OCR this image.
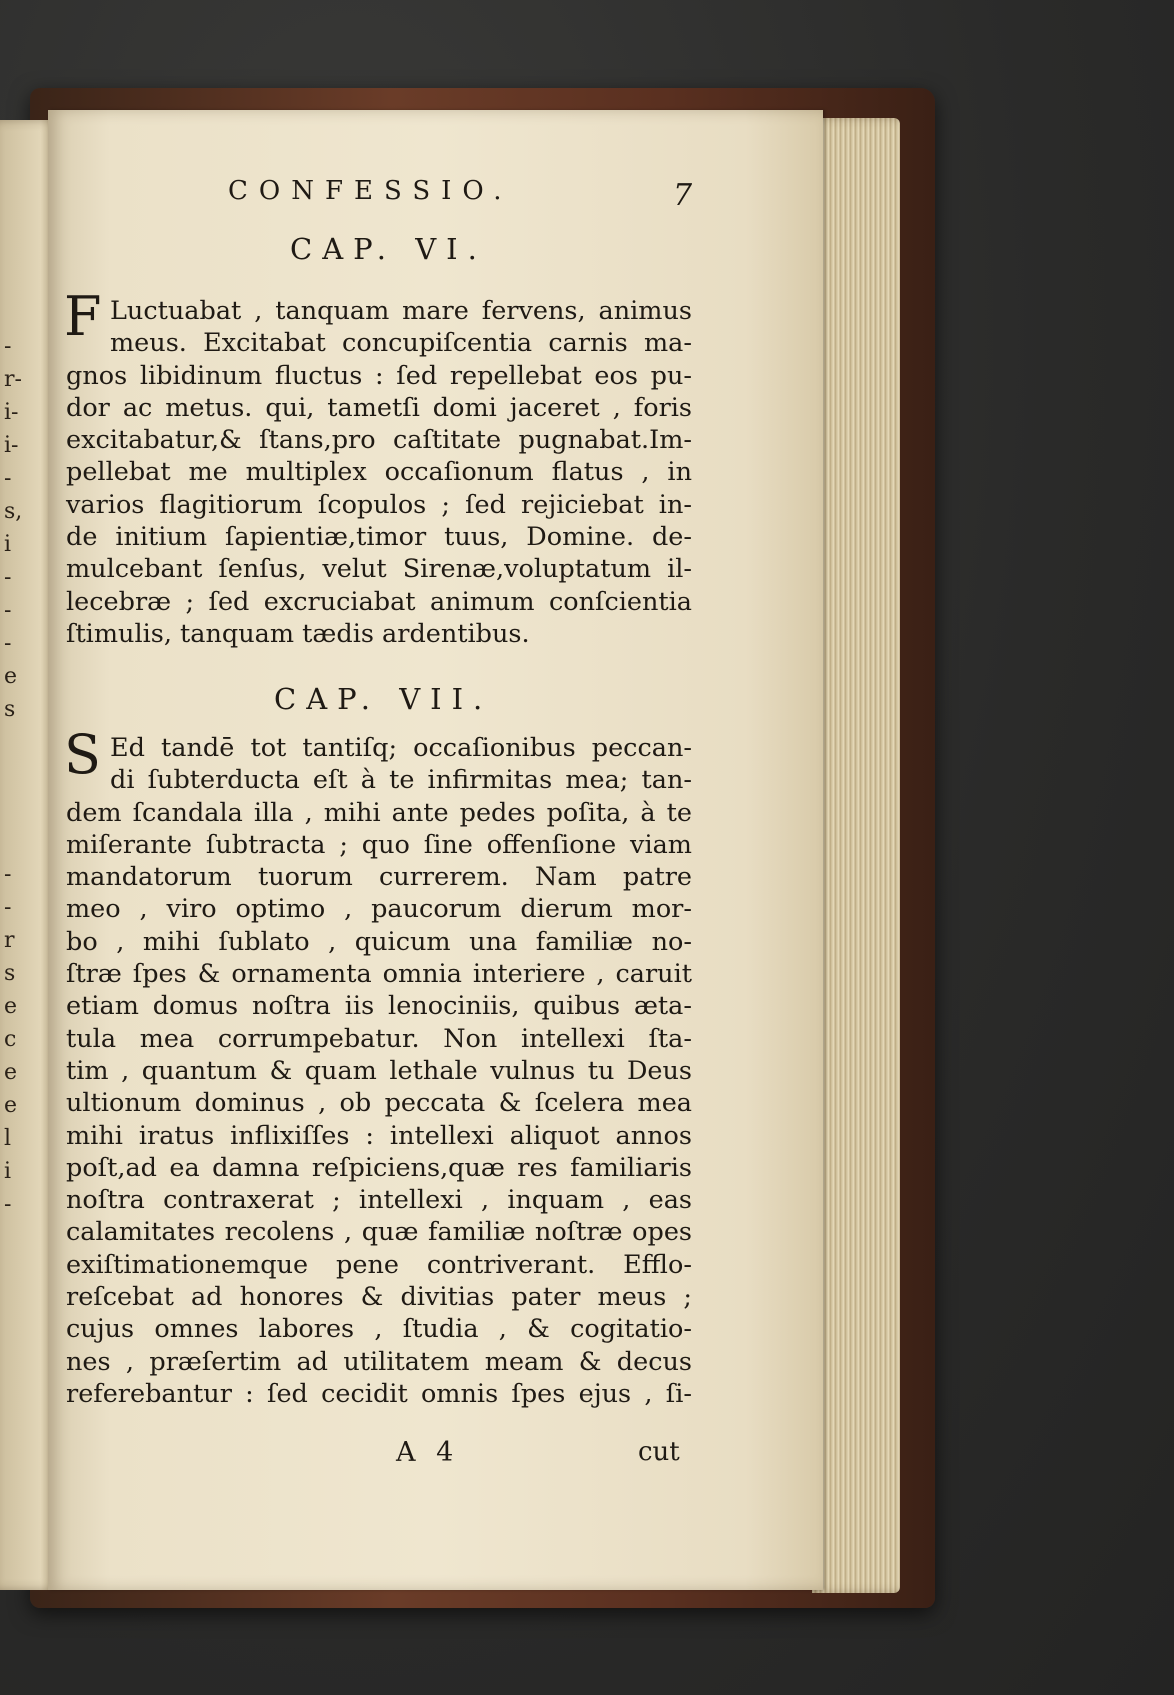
-
r-
i-
i-
-
s,
i
-
-
-
e
s

-
-
r
s
e
c
e
e
l
i
-
CONFESSIO.	7
CAP. VI.
F Luctuabat , tanquam mare fervens, animus
meus. Excitabat concupiſcentia carnis ma-
gnos libidinum fluctus : ſed repellebat eos pu-
dor ac metus. qui, tametſi domi jaceret , foris
excitabatur,& ſtans,pro caſtitate pugnabat.Im-
pellebat me multiplex occaſionum flatus , in
varios flagitiorum ſcopulos ; ſed rejiciebat in-
de initium ſapientiæ,timor tuus, Domine. de-
mulcebant ſenſus, velut Sirenæ,voluptatum il-
lecebræ ; ſed excruciabat animum conſcientia
ſtimulis, tanquam tædis ardentibus.
CAP. VII.
S Ed tandē tot tantiſq; occaſionibus peccan-
di ſubterducta eſt à te infirmitas mea; tan-
dem ſcandala illa , mihi ante pedes poſita, à te
miſerante ſubtracta ; quo ſine offenſione viam
mandatorum tuorum currerem. Nam patre
meo , viro optimo , paucorum dierum mor-
bo , mihi ſublato , quicum una familiæ no-
ſtræ ſpes & ornamenta omnia interiere , caruit
etiam domus noſtra iis lenociniis, quibus æta-
tula mea corrumpebatur. Non intellexi ſta-
tim , quantum & quam lethale vulnus tu Deus
ultionum dominus , ob peccata & ſcelera mea
mihi iratus inflixiſſes : intellexi aliquot annos
poſt,ad ea damna reſpiciens,quæ res familiaris
noſtra contraxerat ; intellexi , inquam , eas
calamitates recolens , quæ familiæ noſtræ opes
exiſtimationemque pene contriverant. Efflo-
reſcebat ad honores & divitias pater meus ;
cujus omnes labores , ſtudia , & cogitatio-
nes , præſertim ad utilitatem meam & decus
referebantur : ſed cecidit omnis ſpes ejus , ſi-
A 4	cut
